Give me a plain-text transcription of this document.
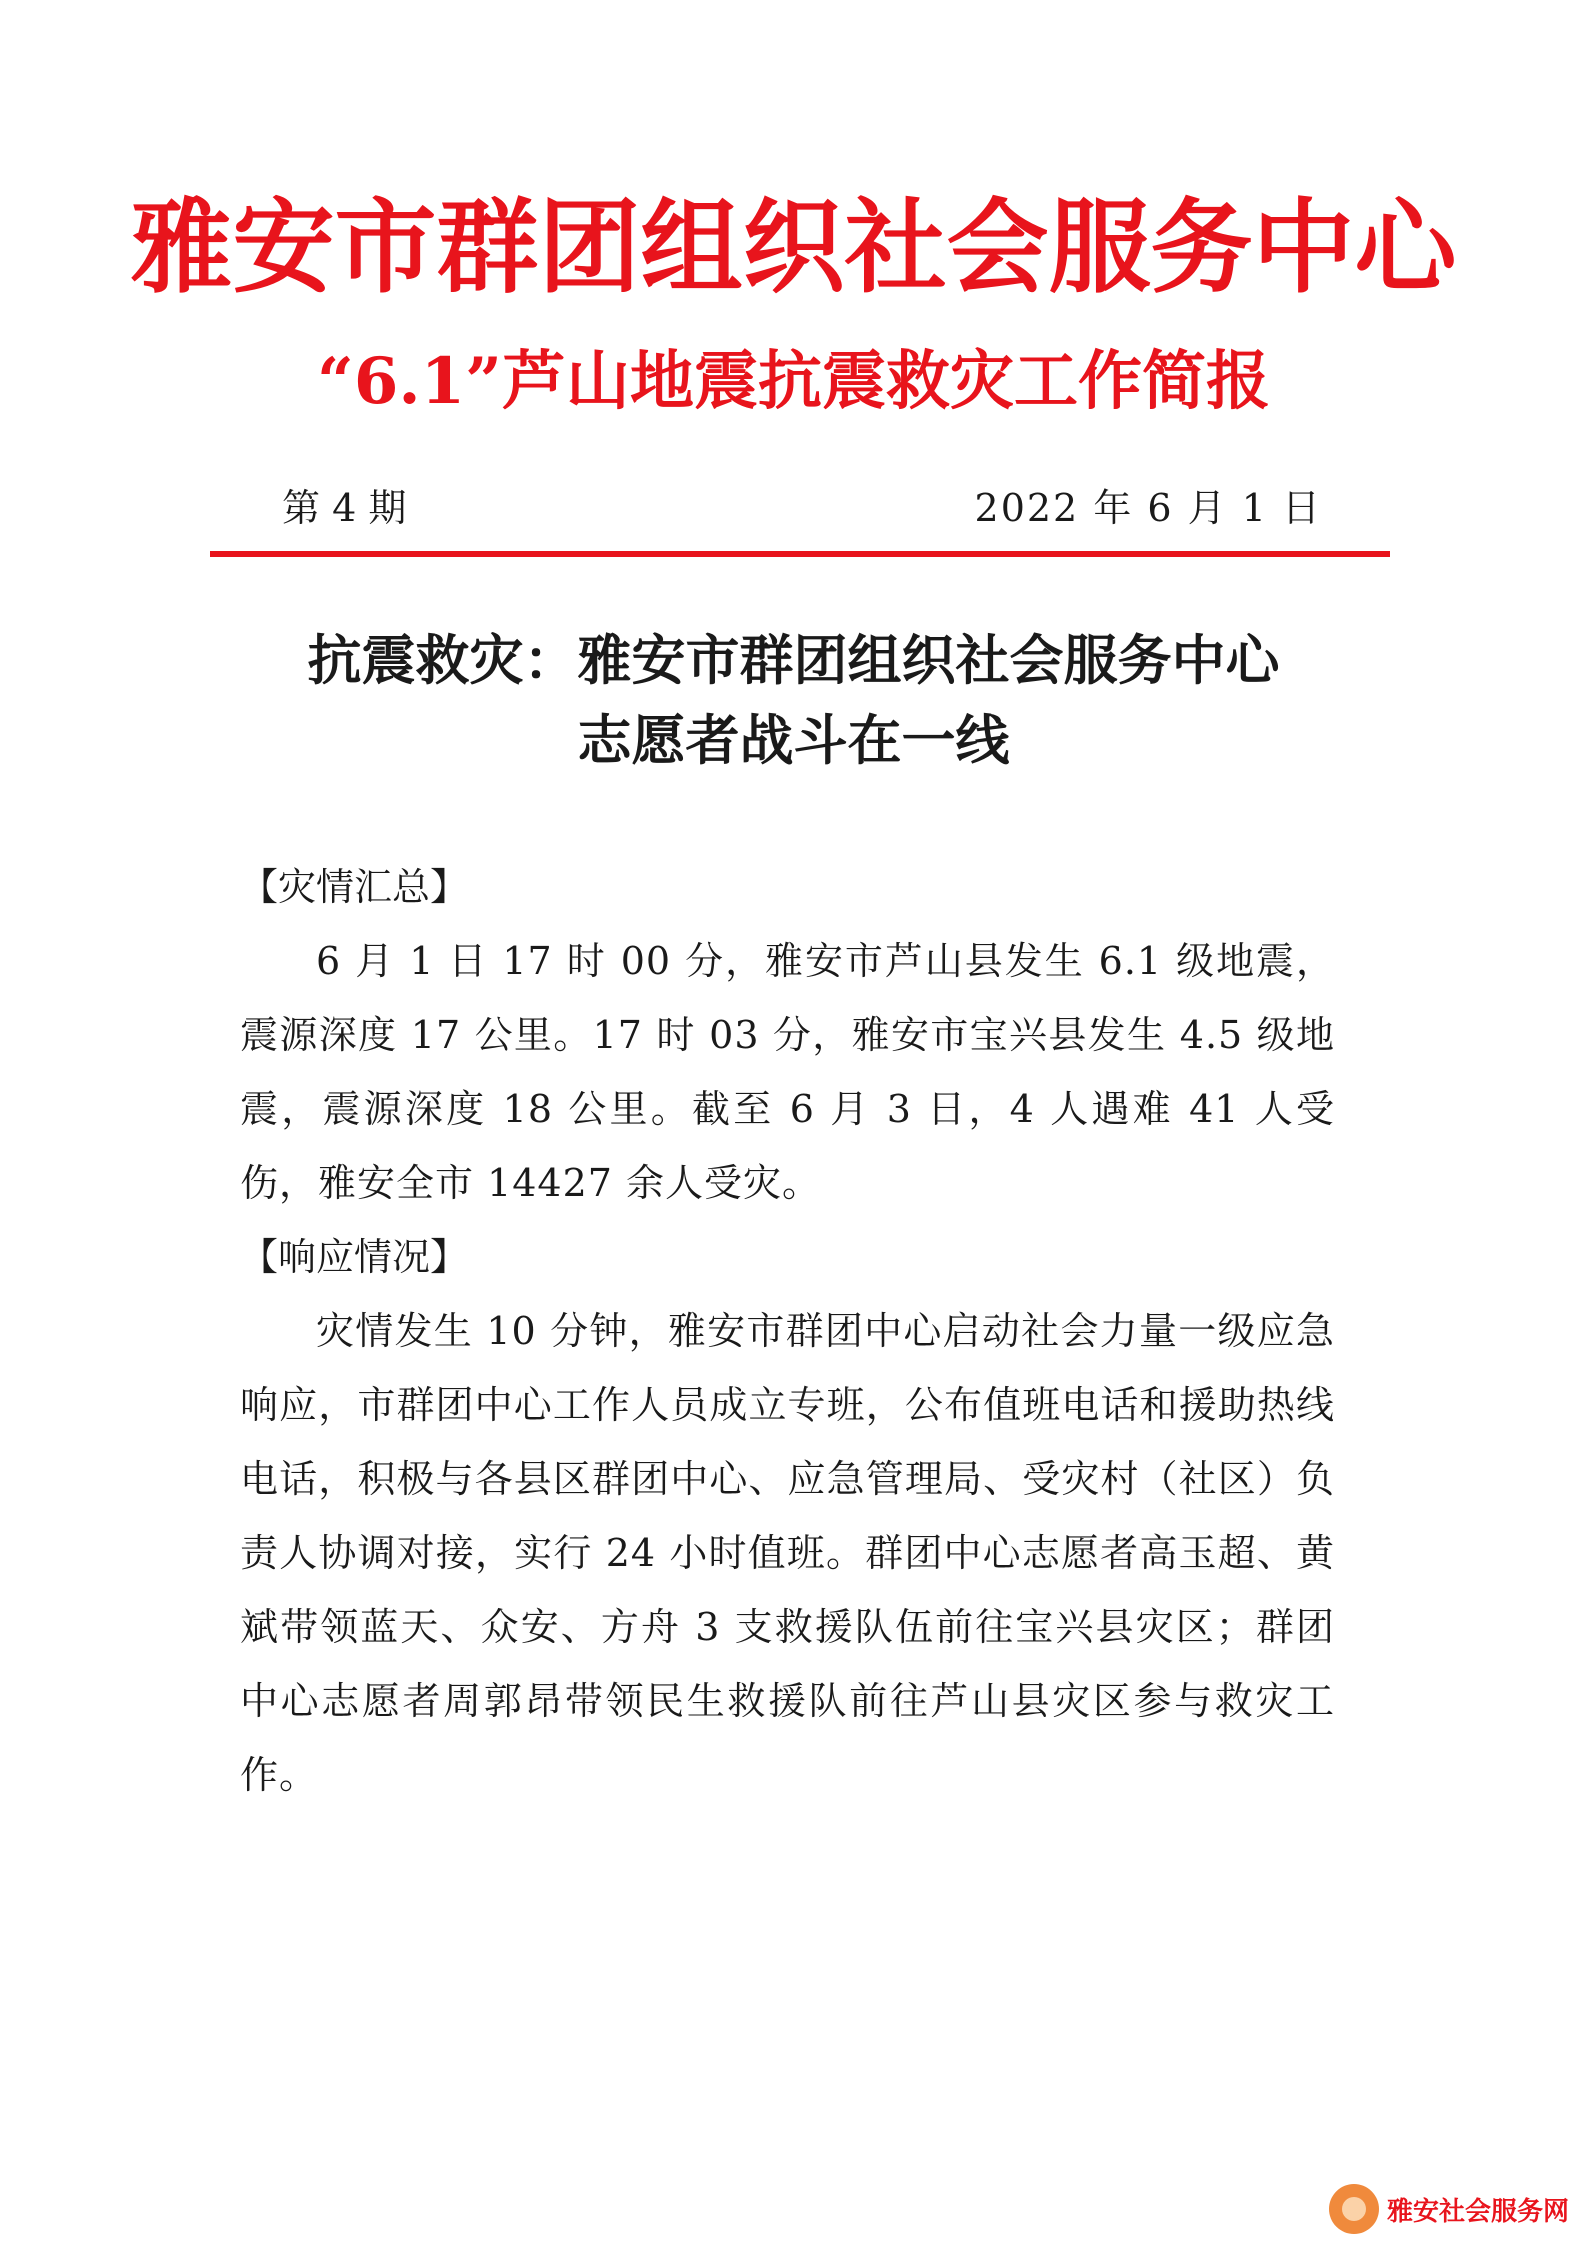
雅安市群团组织社会服务中心
“6.1”芦山地震抗震救灾工作简报
第 4 期	2022 年 6 月 1 日
抗震救灾：雅安市群团组织社会服务中心
志愿者战斗在一线
【灾情汇总】
6 月 1 日 17 时 00 分，雅安市芦山县发生 6.1 级地震，震源深度 17 公里。17 时 03 分，雅安市宝兴县发生 4.5 级地震，震源深度 18 公里。截至 6 月 3 日，4 人遇难 41 人受伤，雅安全市 14427 余人受灾。
【响应情况】
灾情发生 10 分钟，雅安市群团中心启动社会力量一级应急响应，市群团中心工作人员成立专班，公布值班电话和援助热线电话，积极与各县区群团中心、应急管理局、受灾村（社区）负责人协调对接，实行 24 小时值班。群团中心志愿者高玉超、黄斌带领蓝天、众安、方舟 3 支救援队伍前往宝兴县灾区；群团中心志愿者周郭昂带领民生救援队前往芦山县灾区参与救灾工作。
雅安社会服务网
